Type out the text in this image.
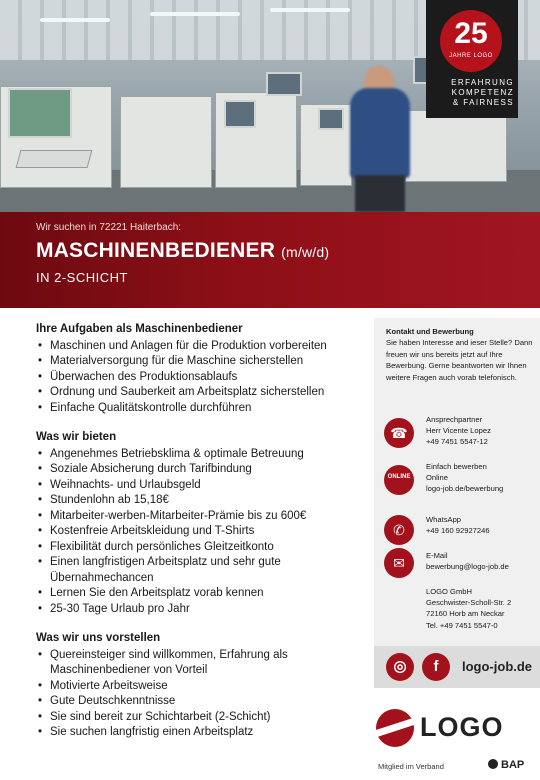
25
JAHRE LOGO
ERFAHRUNG
KOMPETENZ
& FAIRNESS
Wir suchen in 72221 Haiterbach:
MASCHINENBEDIENER (m/w/d)
IN 2-SCHICHT
Ihre Aufgaben als Maschinenbediener
• Maschinen und Anlagen für die Produktion vorbereiten
• Materialversorgung für die Maschine sicherstellen
• Überwachen des Produktionsablaufs
• Ordnung und Sauberkeit am Arbeitsplatz sicherstellen
• Einfache Qualitätskontrolle durchführen
Was wir bieten
• Angenehmes Betriebsklima & optimale Betreuung
• Soziale Absicherung durch Tarifbindung
• Weihnachts- und Urlaubsgeld
• Stundenlohn ab 15,18€
• Mitarbeiter-werben-Mitarbeiter-Prämie bis zu 600€
• Kostenfreie Arbeitskleidung und T-Shirts
• Flexibilität durch persönliches Gleitzeitkonto
• Einen langfristigen Arbeitsplatz und sehr gute Übernahmechancen
• Lernen Sie den Arbeitsplatz vorab kennen
• 25-30 Tage Urlaub pro Jahr
Was wir uns vorstellen
• Quereinsteiger sind willkommen, Erfahrung als Maschinenbediener von Vorteil
• Motivierte Arbeitsweise
• Gute Deutschkenntnisse
• Sie sind bereit zur Schichtarbeit (2-Schicht)
• Sie suchen langfristig einen Arbeitsplatz
Kontakt und Bewerbung
Sie haben Interesse and ieser Stelle? Dann freuen wir uns bereits jetzt auf Ihre Bewerbung. Gerne beantworten wir Ihnen weitere Fragen auch vorab telefonisch.
☎
Ansprechpartner
Herr Vicente Lopez
+49 7451 5547-12
ONLINE
Einfach bewerben
Online
logo-job.de/bewerbung
✆
WhatsApp
+49 160 92927246
✉	E-Mail
bewerbung@logo-job.de
LOGO GmbH
Geschwister-Scholl-Str. 2
72160 Horb am Neckar
Tel. +49 7451 5547-0
◎	f	logo-job.de
LOGO
Mitglied im Verband	BAP
